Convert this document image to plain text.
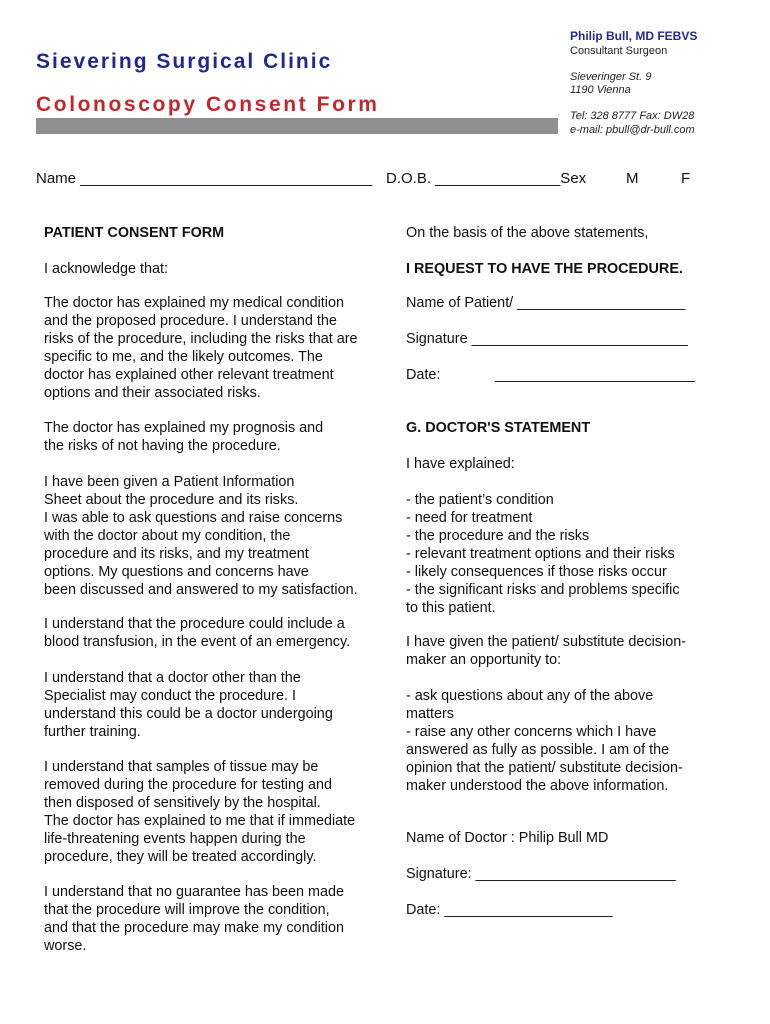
Sievering Surgical Clinic
Colonoscopy Consent Form
Philip Bull, MD FEBVS
Consultant Surgeon
Sieveringer St. 9
1190 Vienna
Tel: 328 8777 Fax: DW28
e-mail: pbull@dr-bull.com
Name ___________________________________ D.O.B. _______________Sex	M	F
PATIENT CONSENT FORM
I acknowledge that:
The doctor has explained my medical condition
and the proposed procedure. I understand the
risks of the procedure, including the risks that are
specific to me, and the likely outcomes. The
doctor has explained other relevant treatment
options and their associated risks.
The doctor has explained my prognosis and
the risks of not having the procedure.
I have been given a Patient Information
Sheet about the procedure and its risks.
I was able to ask questions and raise concerns
with the doctor about my condition, the
procedure and its risks, and my treatment
options. My questions and concerns have
been discussed and answered to my satisfaction.
I understand that the procedure could include a
blood transfusion, in the event of an emergency.
I understand that a doctor other than the
Specialist may conduct the procedure. I
understand this could be a doctor undergoing
further training.
I understand that samples of tissue may be
removed during the procedure for testing and
then disposed of sensitively by the hospital.
The doctor has explained to me that if immediate
life-threatening events happen during the
procedure, they will be treated accordingly.
I understand that no guarantee has been made
that the procedure will improve the condition,
and that the procedure may make my condition
worse.
On the basis of the above statements,
I REQUEST TO HAVE THE PROCEDURE.
Name of Patient/ _____________________
Signature ___________________________
Date:	_________________________
G. DOCTOR'S STATEMENT
I have explained:
- the patient’s condition
- need for treatment
- the procedure and the risks
- relevant treatment options and their risks
- likely consequences if those risks occur
- the significant risks and problems specific
to this patient.
I have given the patient/ substitute decision-
maker an opportunity to:
- ask questions about any of the above
matters
- raise any other concerns which I have
answered as fully as possible. I am of the
opinion that the patient/ substitute decision-
maker understood the above information.
Name of Doctor : Philip Bull MD
Signature: _________________________
Date: _____________________
